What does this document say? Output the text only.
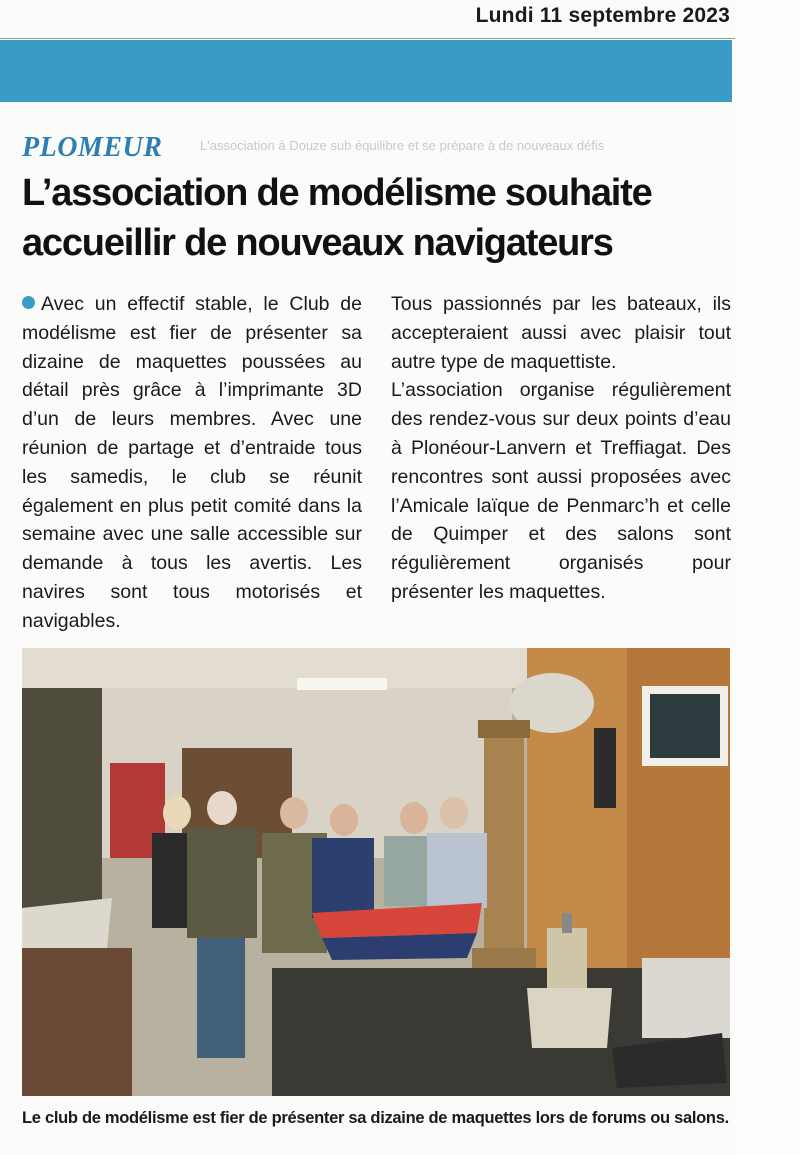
Lundi 11 septembre 2023
PLOMEUR	L'association à Douze sub équilibre et se prépare à de nouveaux défis
L’association de modélisme souhaite accueillir de nouveaux navigateurs

Avec un effectif stable, le Club de modélisme est fier de présenter sa dizaine de maquettes poussées au détail près grâce à l’imprimante 3D d’un de leurs membres. Avec une réunion de partage et d’entraide tous les samedis, le club se réunit également en plus petit comité dans la semaine avec une salle accessible sur demande à tous les avertis. Les navires sont tous motorisés et navigables.

Tous passionnés par les bateaux, ils accepteraient aussi avec plaisir tout autre type de maquettiste.

L’association organise régulièrement des rendez-vous sur deux points d’eau à Plonéour-Lanvern et Treffiagat. Des rencontres sont aussi proposées avec l’Amicale laïque de Penmarc’h et celle de Quimper et des salons sont régulièrement organisés pour présenter les maquettes.

Le club de modélisme est fier de présenter sa dizaine de maquettes lors de forums ou salons.
